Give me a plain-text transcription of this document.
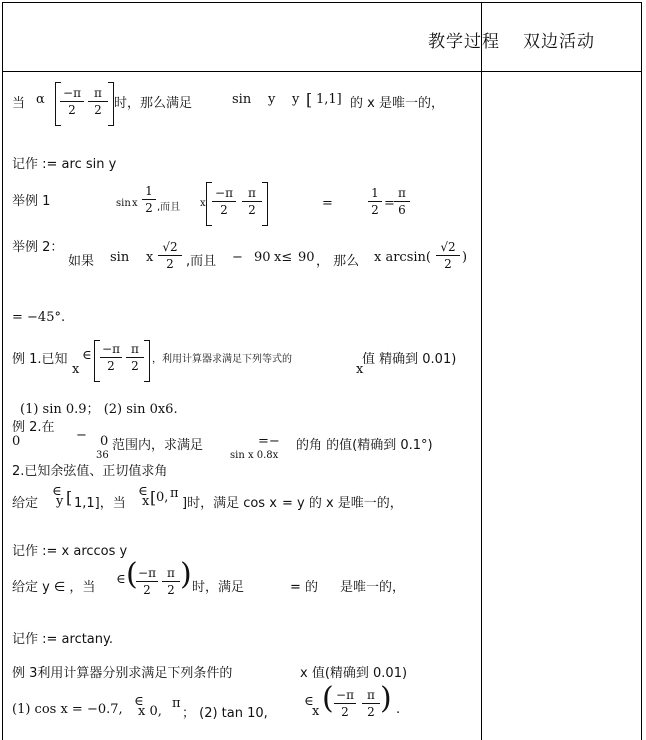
教学过程 双边活动
当 α −π
2
π
2 时，那么满足	sin y y [ 1,1] 的 x 是唯一的，
记作 := arc sin y
举例 1	sin x
1
2 ,而且 x
−π
2
π
2	=
1
2 =
π
6
举例 2：
如果 sin x
√2
2 ,而且 − 90 x≤ 90 ， 那么 x arcsin(
√2
2 )
= −45°.
例 1.已知
x
∈ −π
2
π
2	，利用计算器求满足下列等式的
x
值 精确到 0.01)
(1) sin 0.9； (2) sin 0x6.
例 2.在
0	− 0
36
范围内，求满足	=− 的角 的值(精确到 0.1°)
sin x 0.8x
2.已知余弦值、正切值求角
给定
∈
y [ 1,1]，当
∈
x [ 0, π
]时，满足 cos x = y 的 x 是唯一的，
记作 := x arccos y
给定 y ∈ ，当
∈ ( −π
2
π
2 ) 时，满足	= 的 是唯一的，
记作 := arctany.
例 3利用计算器分别求满足下列条件的	x 值(精确到 0.01)
(1) cos x = −0.7,
∈
x 0,
π
； (2) tan 10,
∈
x ( −π
2
π
2 ) .
